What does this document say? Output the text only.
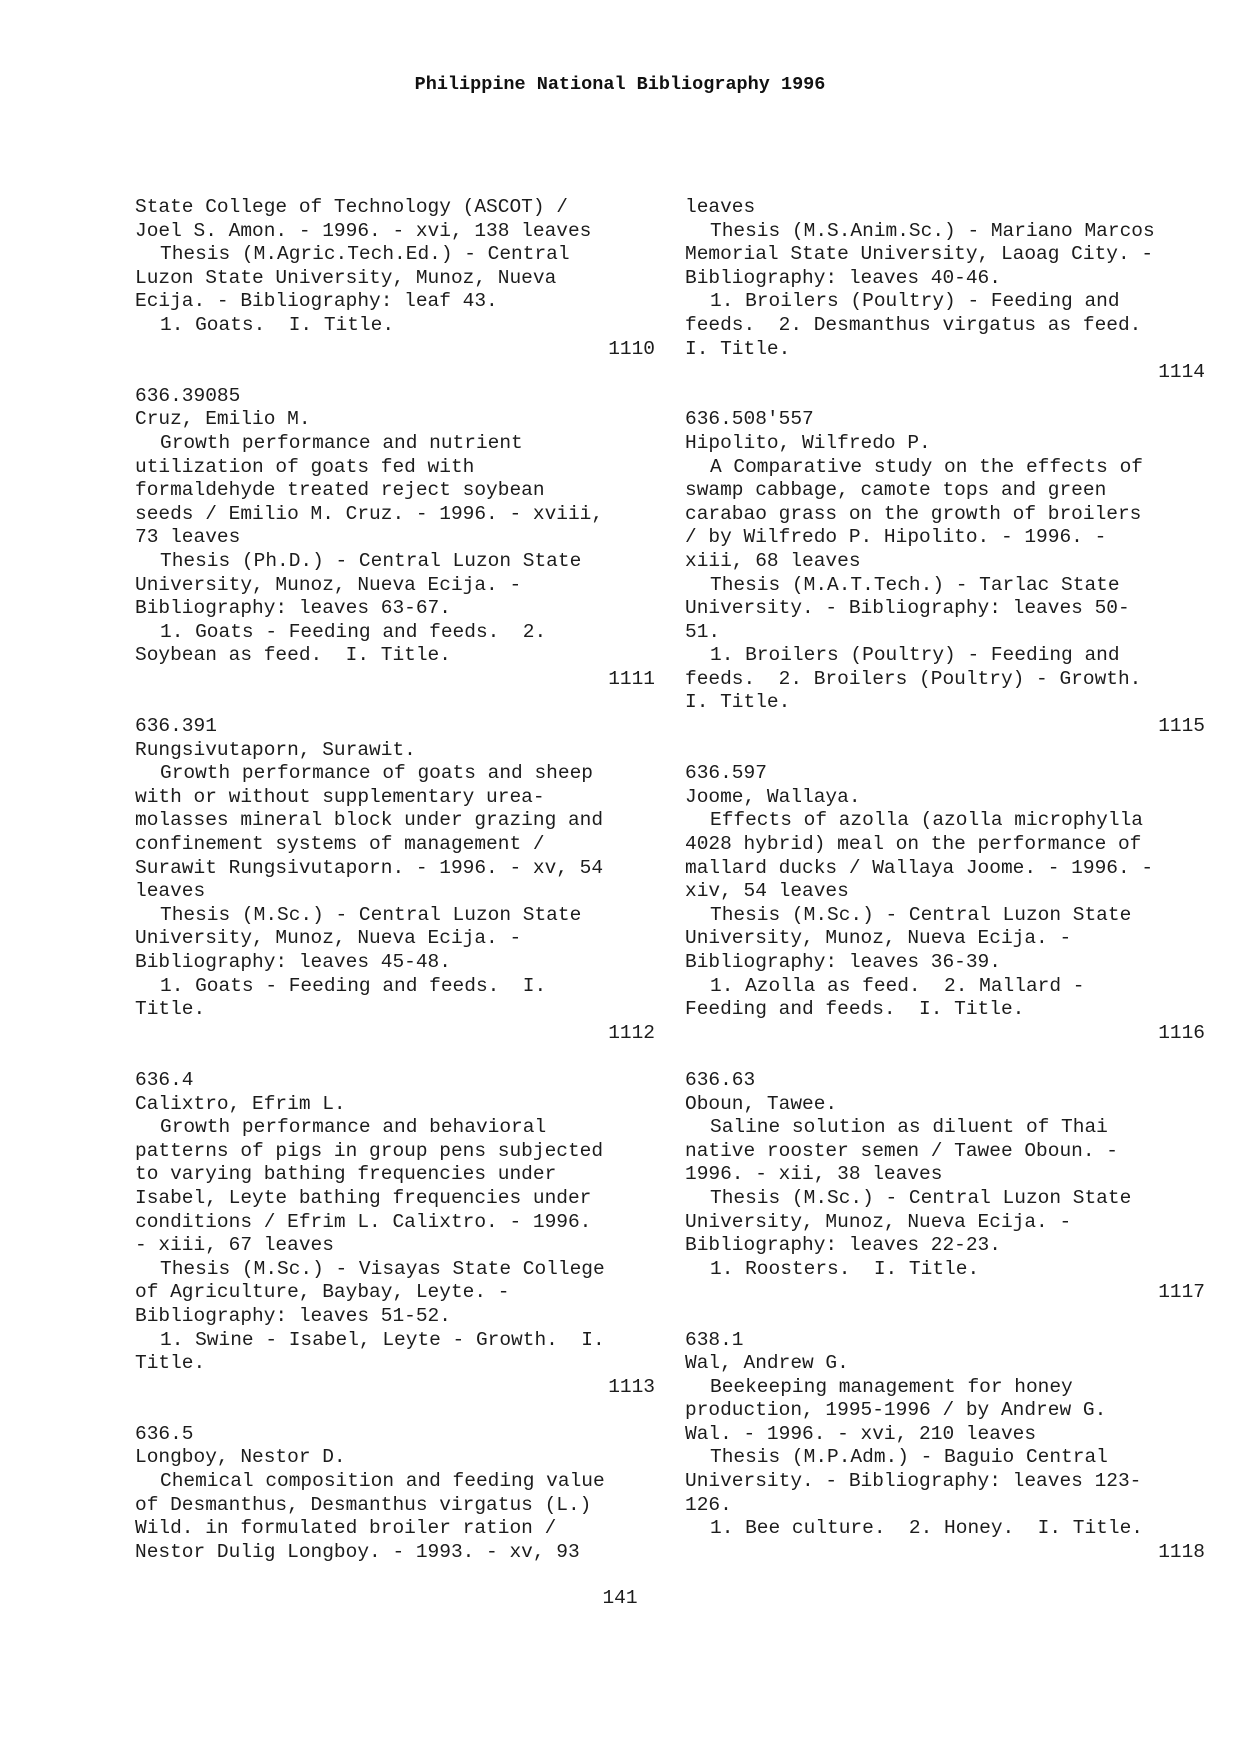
Philippine National Bibliography 1996
State College of Technology (ASCOT) /
Joel S. Amon. - 1996. - xvi, 138 leaves
Thesis (M.Agric.Tech.Ed.) - Central
Luzon State University, Munoz, Nueva
Ecija. - Bibliography: leaf 43.
1. Goats.  I. Title.
1110
636.39085
Cruz, Emilio M.
Growth performance and nutrient
utilization of goats fed with
formaldehyde treated reject soybean
seeds / Emilio M. Cruz. - 1996. - xviii,
73 leaves
Thesis (Ph.D.) - Central Luzon State
University, Munoz, Nueva Ecija. -
Bibliography: leaves 63-67.
1. Goats - Feeding and feeds.  2.
Soybean as feed.  I. Title.
1111
636.391
Rungsivutaporn, Surawit.
Growth performance of goats and sheep
with or without supplementary urea-
molasses mineral block under grazing and
confinement systems of management /
Surawit Rungsivutaporn. - 1996. - xv, 54
leaves
Thesis (M.Sc.) - Central Luzon State
University, Munoz, Nueva Ecija. -
Bibliography: leaves 45-48.
1. Goats - Feeding and feeds.  I.
Title.
1112
636.4
Calixtro, Efrim L.
Growth performance and behavioral
patterns of pigs in group pens subjected
to varying bathing frequencies under
Isabel, Leyte bathing frequencies under
conditions / Efrim L. Calixtro. - 1996.
- xiii, 67 leaves
Thesis (M.Sc.) - Visayas State College
of Agriculture, Baybay, Leyte. -
Bibliography: leaves 51-52.
1. Swine - Isabel, Leyte - Growth.  I.
Title.
1113
636.5
Longboy, Nestor D.
Chemical composition and feeding value
of Desmanthus, Desmanthus virgatus (L.)
Wild. in formulated broiler ration /
Nestor Dulig Longboy. - 1993. - xv, 93
leaves
Thesis (M.S.Anim.Sc.) - Mariano Marcos
Memorial State University, Laoag City. -
Bibliography: leaves 40-46.
1. Broilers (Poultry) - Feeding and
feeds.  2. Desmanthus virgatus as feed.
I. Title.
1114
636.508'557
Hipolito, Wilfredo P.
A Comparative study on the effects of
swamp cabbage, camote tops and green
carabao grass on the growth of broilers
/ by Wilfredo P. Hipolito. - 1996. -
xiii, 68 leaves
Thesis (M.A.T.Tech.) - Tarlac State
University. - Bibliography: leaves 50-
51.
1. Broilers (Poultry) - Feeding and
feeds.  2. Broilers (Poultry) - Growth.
I. Title.
1115
636.597
Joome, Wallaya.
Effects of azolla (azolla microphylla
4028 hybrid) meal on the performance of
mallard ducks / Wallaya Joome. - 1996. -
xiv, 54 leaves
Thesis (M.Sc.) - Central Luzon State
University, Munoz, Nueva Ecija. -
Bibliography: leaves 36-39.
1. Azolla as feed.  2. Mallard -
Feeding and feeds.  I. Title.
1116
636.63
Oboun, Tawee.
Saline solution as diluent of Thai
native rooster semen / Tawee Oboun. -
1996. - xii, 38 leaves
Thesis (M.Sc.) - Central Luzon State
University, Munoz, Nueva Ecija. -
Bibliography: leaves 22-23.
1. Roosters.  I. Title.
1117
638.1
Wal, Andrew G.
Beekeeping management for honey
production, 1995-1996 / by Andrew G.
Wal. - 1996. - xvi, 210 leaves
Thesis (M.P.Adm.) - Baguio Central
University. - Bibliography: leaves 123-
126.
1. Bee culture.  2. Honey.  I. Title.
1118
141
